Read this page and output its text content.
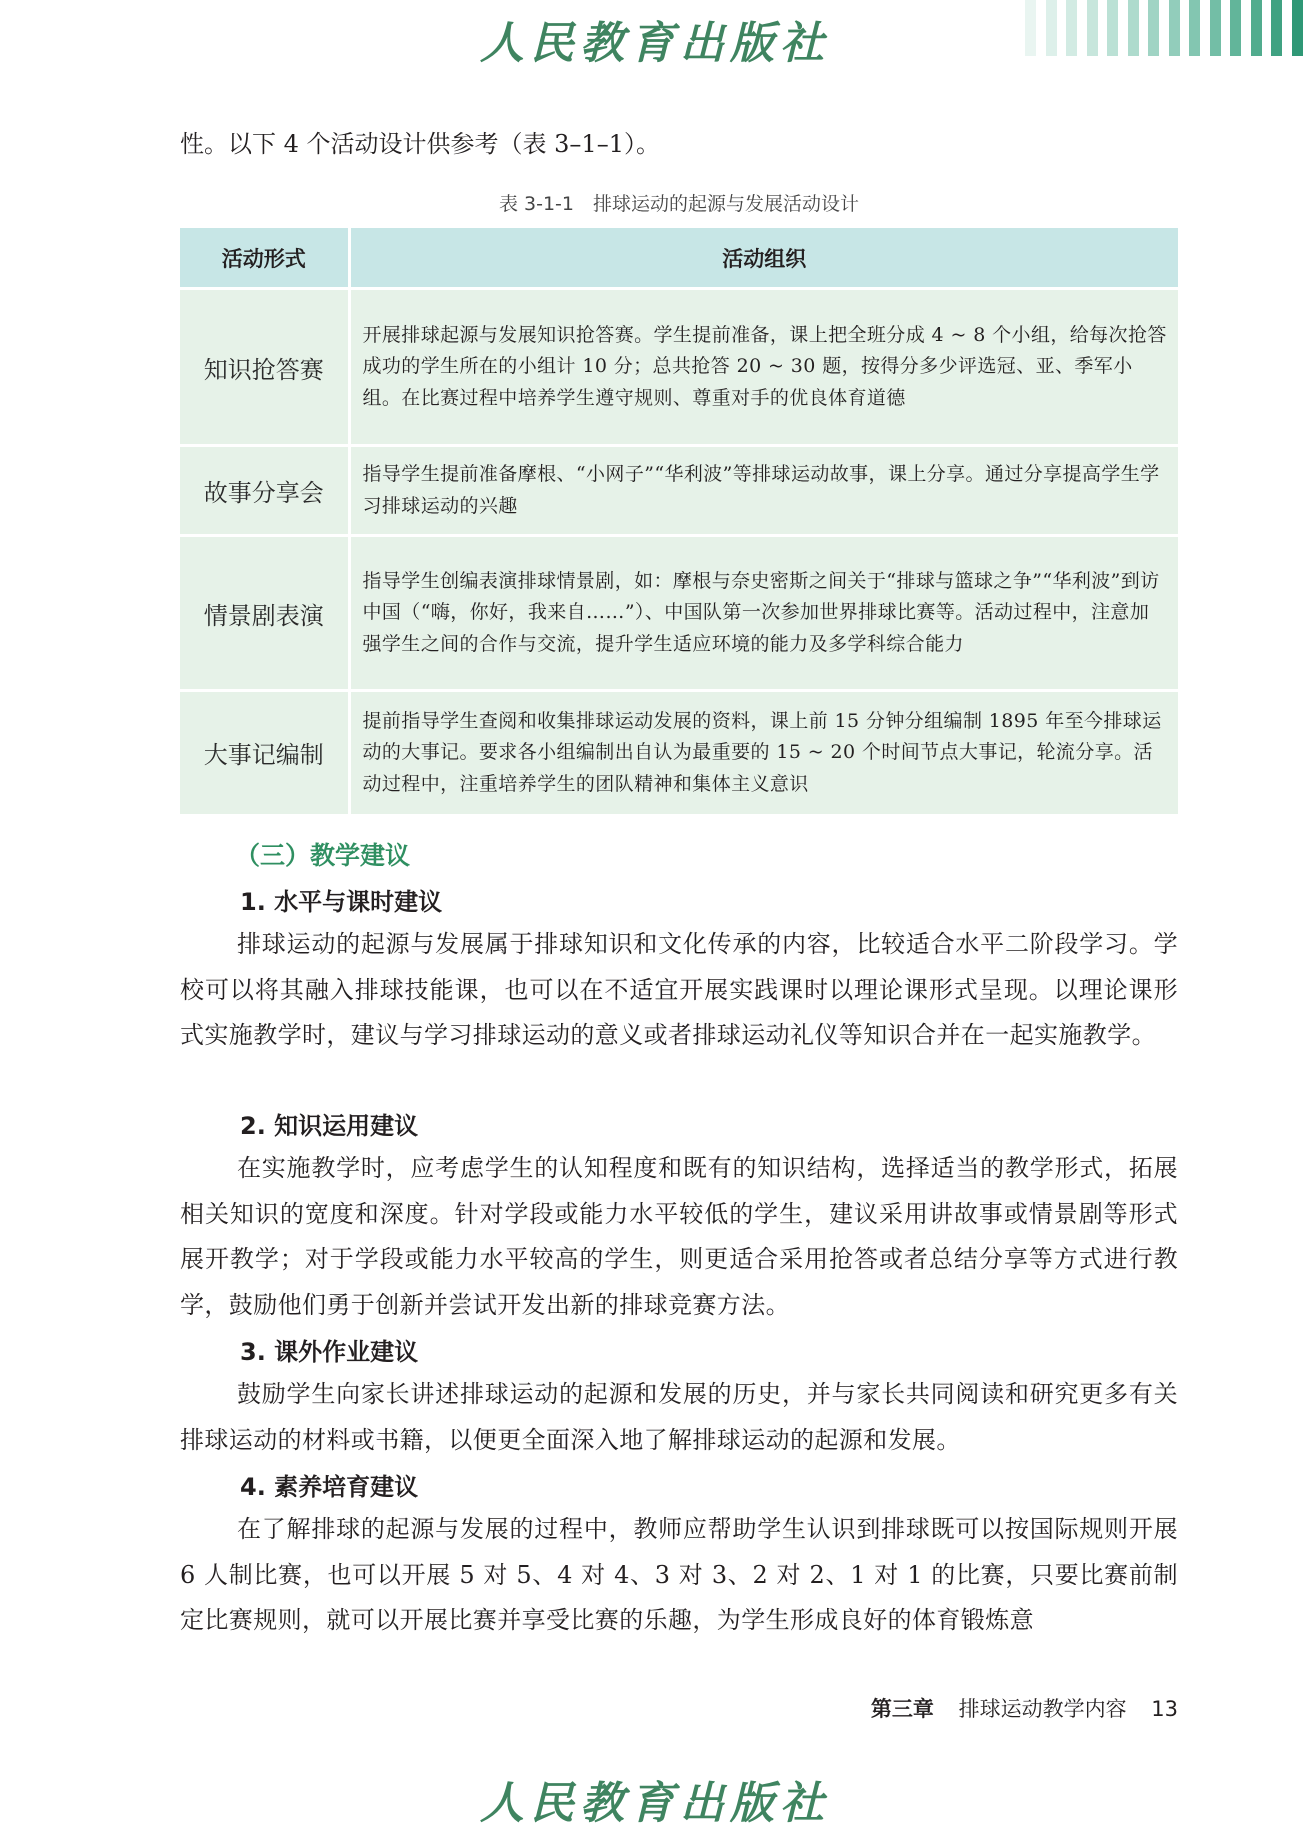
人民教育出版社
性。以下 4 个活动设计供参考（表 3–1–1）。
表 3-1-1　排球运动的起源与发展活动设计
活动形式	活动组织
知识抢答赛	开展排球起源与发展知识抢答赛。学生提前准备，课上把全班分成 4 ~ 8 个小组，给每次抢答成功的学生所在的小组计 10 分；总共抢答 20 ~ 30 题，按得分多少评选冠、亚、季军小组。在比赛过程中培养学生遵守规则、尊重对手的优良体育道德
故事分享会	指导学生提前准备摩根、“小网子”“华利波”等排球运动故事，课上分享。通过分享提高学生学习排球运动的兴趣
情景剧表演	指导学生创编表演排球情景剧，如：摩根与奈史密斯之间关于“排球与篮球之争”“华利波”到访中国（“嗨，你好，我来自……”）、中国队第一次参加世界排球比赛等。活动过程中，注意加强学生之间的合作与交流，提升学生适应环境的能力及多学科综合能力
大事记编制	提前指导学生查阅和收集排球运动发展的资料，课上前 15 分钟分组编制 1895 年至今排球运动的大事记。要求各小组编制出自认为最重要的 15 ~ 20 个时间节点大事记，轮流分享。活动过程中，注重培养学生的团队精神和集体主义意识
（三）教学建议
1. 水平与课时建议
排球运动的起源与发展属于排球知识和文化传承的内容，比较适合水平二阶段学习。学校可以将其融入排球技能课，也可以在不适宜开展实践课时以理论课形式呈现。以理论课形式实施教学时，建议与学习排球运动的意义或者排球运动礼仪等知识合并在一起实施教学。
2. 知识运用建议
在实施教学时，应考虑学生的认知程度和既有的知识结构，选择适当的教学形式，拓展相关知识的宽度和深度。针对学段或能力水平较低的学生，建议采用讲故事或情景剧等形式展开教学；对于学段或能力水平较高的学生，则更适合采用抢答或者总结分享等方式进行教学，鼓励他们勇于创新并尝试开发出新的排球竞赛方法。
3. 课外作业建议
鼓励学生向家长讲述排球运动的起源和发展的历史，并与家长共同阅读和研究更多有关排球运动的材料或书籍，以便更全面深入地了解排球运动的起源和发展。
4. 素养培育建议
在了解排球的起源与发展的过程中，教师应帮助学生认识到排球既可以按国际规则开展 6 人制比赛，也可以开展 5 对 5、4 对 4、3 对 3、2 对 2、1 对 1 的比赛，只要比赛前制定比赛规则，就可以开展比赛并享受比赛的乐趣，为学生形成良好的体育锻炼意
第三章 排球运动教学内容 13
人民教育出版社
